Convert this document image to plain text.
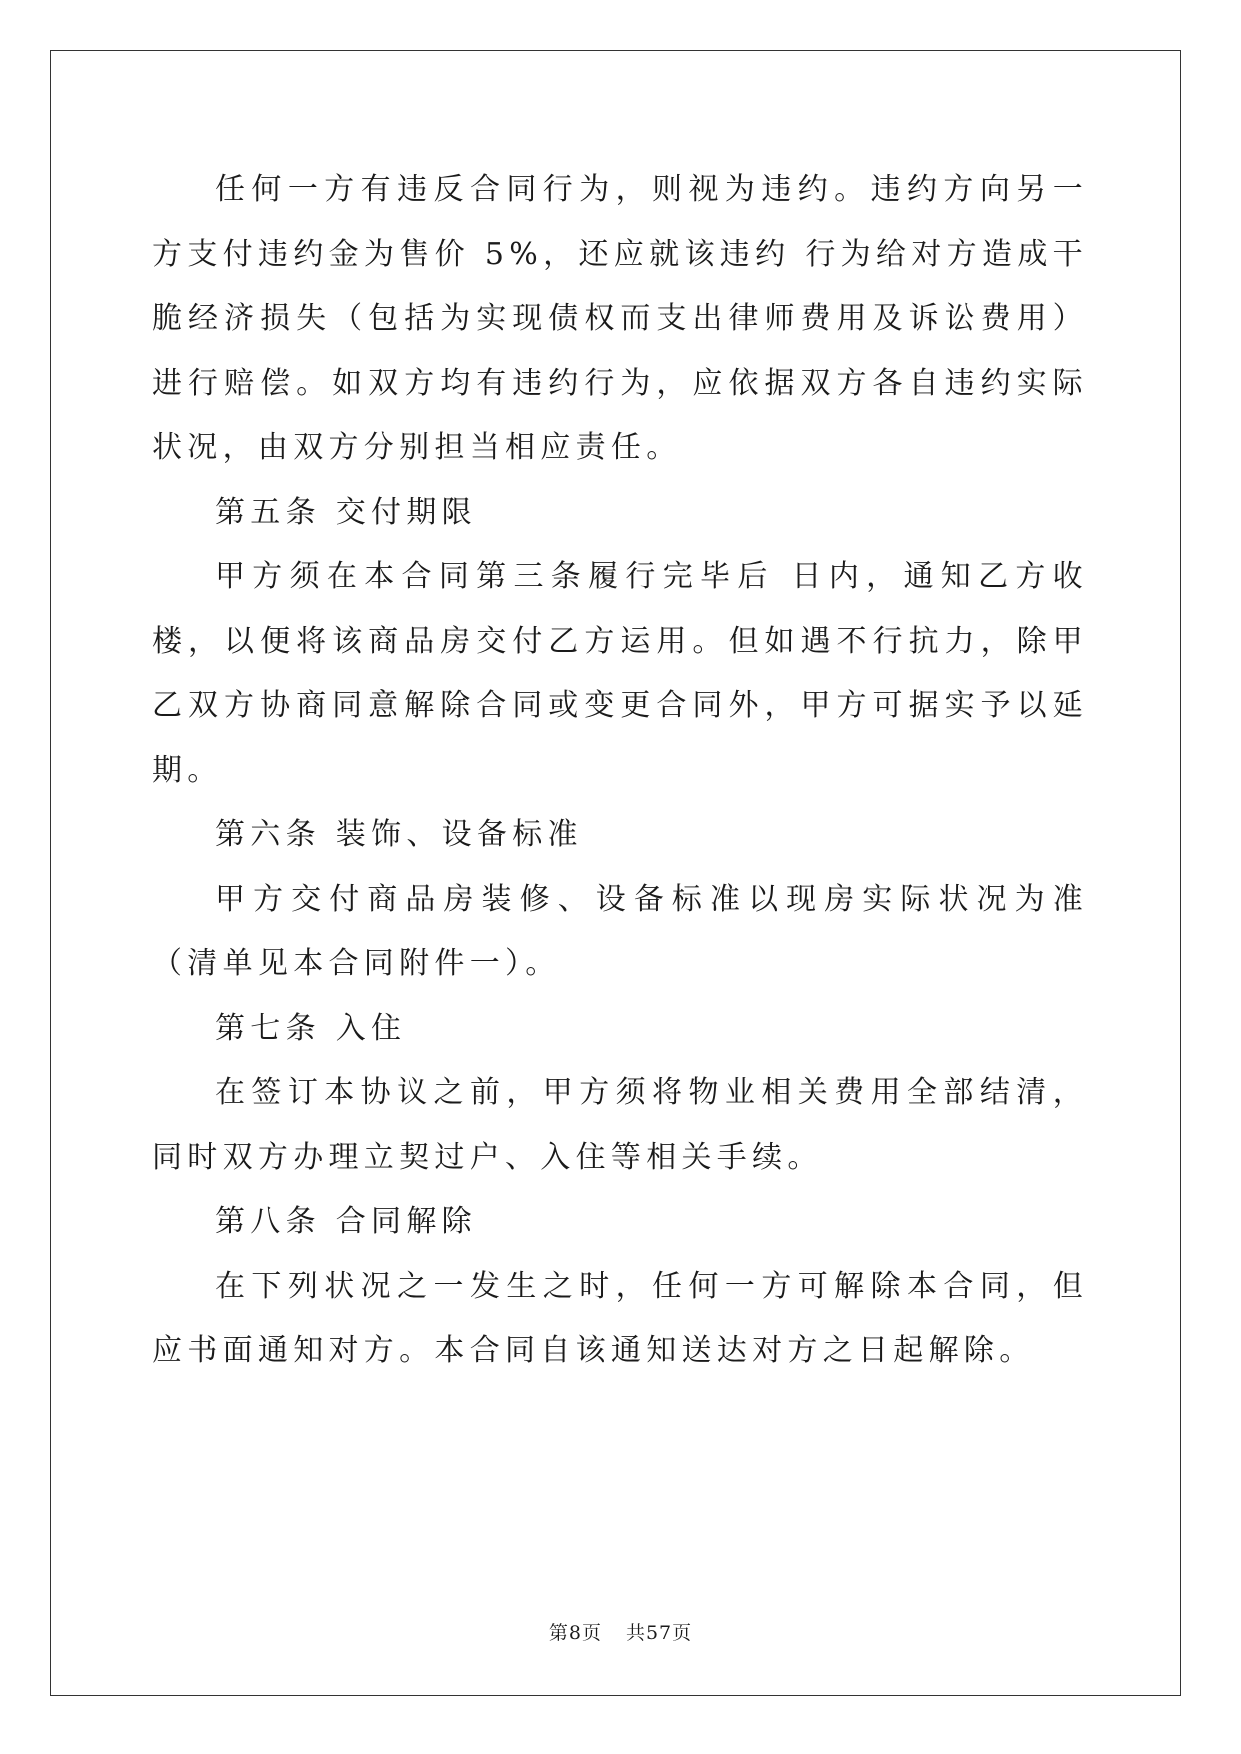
任何一方有违反合同行为，则视为违约。违约方向另一方支付违约金为售价 5%，还应就该违约 行为给对方造成干脆经济损失（包括为实现债权而支出律师费用及诉讼费用）进行赔偿。如双方均有违约行为，应依据双方各自违约实际状况，由双方分别担当相应责任。

第五条 交付期限

甲方须在本合同第三条履行完毕后 日内，通知乙方收楼，以便将该商品房交付乙方运用。但如遇不行抗力，除甲乙双方协商同意解除合同或变更合同外，甲方可据实予以延期。

第六条 装饰、设备标准

甲方交付商品房装修、设备标准以现房实际状况为准（清单见本合同附件一）。

第七条 入住

在签订本协议之前，甲方须将物业相关费用全部结清，同时双方办理立契过户、入住等相关手续。

第八条 合同解除

在下列状况之一发生之时，任何一方可解除本合同，但应书面通知对方。本合同自该通知送达对方之日起解除。

第8页 共57页
